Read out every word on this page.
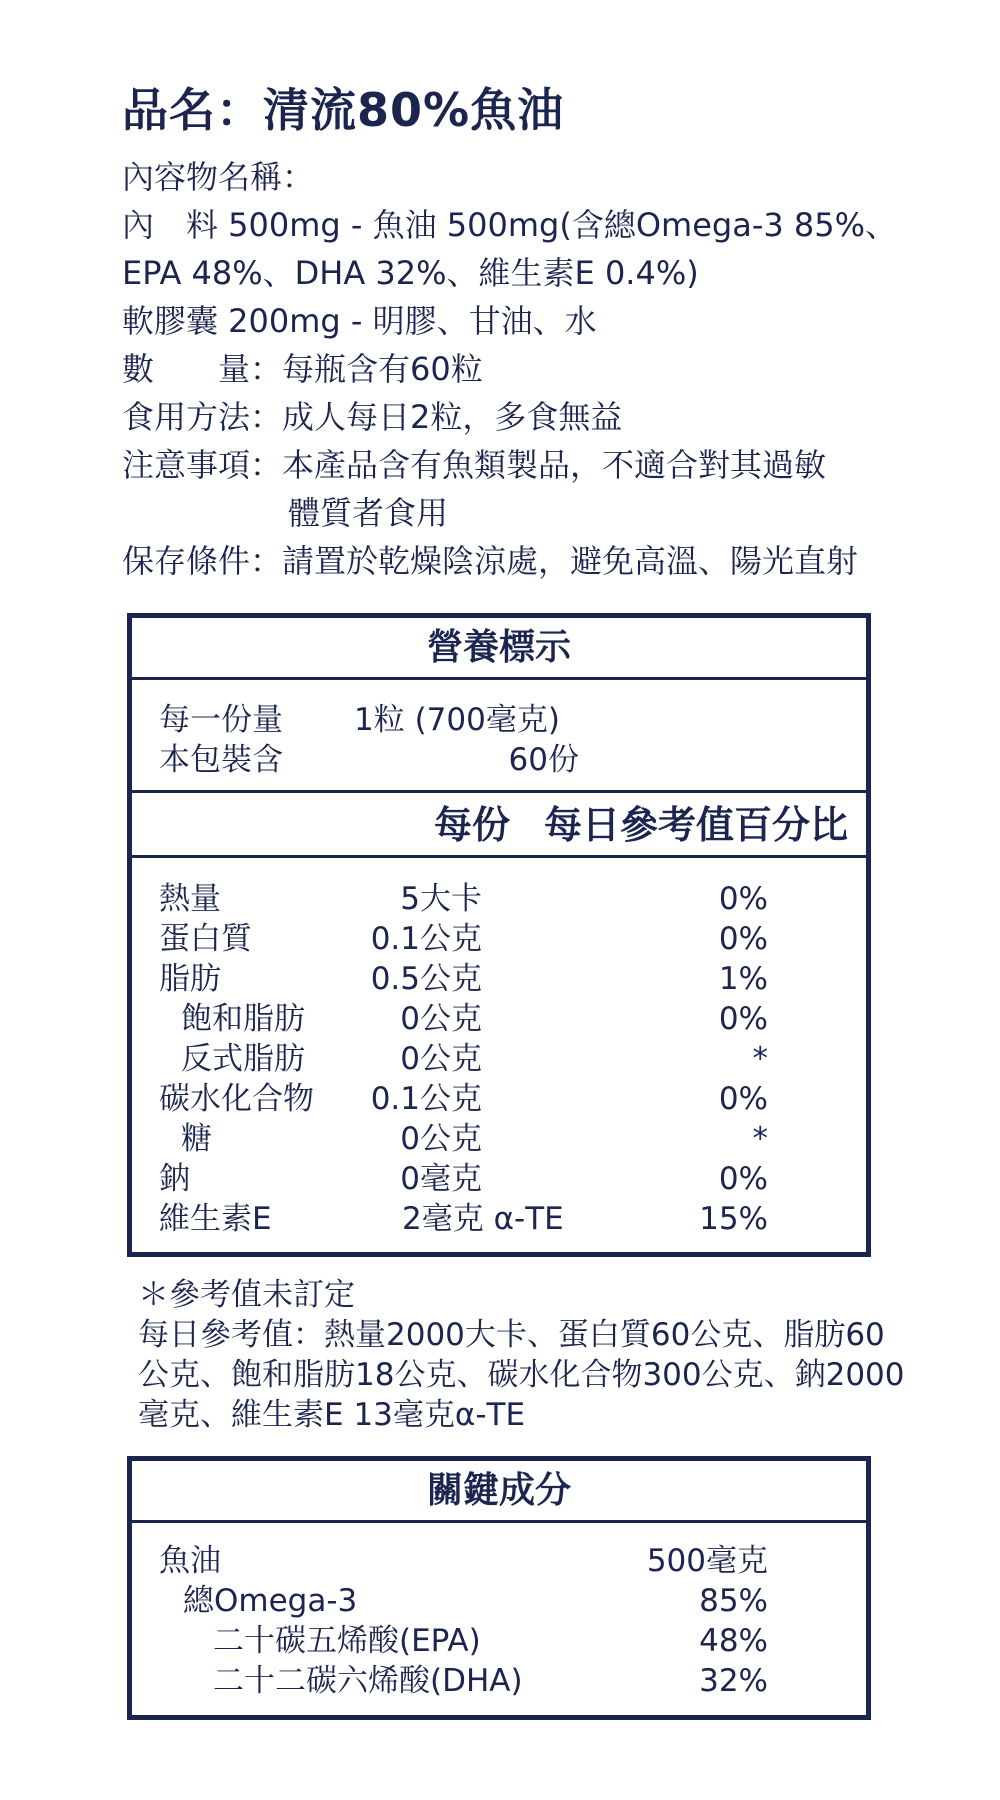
品名：清流80%魚油
內容物名稱：
內　料 500mg - 魚油 500mg(含總Omega-3 85%、
EPA 48%、DHA 32%、維生素E 0.4%)
軟膠囊 200mg - 明膠、甘油、水
數　　量：每瓶含有60粒
食用方法：成人每日2粒，多食無益
注意事項：本產品含有魚類製品，不適合對其過敏
體質者食用
保存條件：請置於乾燥陰涼處，避免高溫、陽光直射
營養標示
每一份量 1粒 (700毫克)
本包裝含	60份
每份 每日參考值百分比
熱量	5大卡	0%
蛋白質	0.1公克	0%
脂肪	0.5公克	1%
飽和脂肪	0公克	0%
反式脂肪	0公克	*
碳水化合物 0.1公克	0%
糖	0公克	*
鈉	0毫克	0%
維生素E	2毫克 α-TE	15%
＊參考值未訂定
每日參考值：熱量2000大卡、蛋白質60公克、脂肪60
公克、飽和脂肪18公克、碳水化合物300公克、鈉2000
毫克、維生素E 13毫克α-TE
關鍵成分
魚油	500毫克
總Omega-3	85%
二十碳五烯酸(EPA)	48%
二十二碳六烯酸(DHA)	32%
